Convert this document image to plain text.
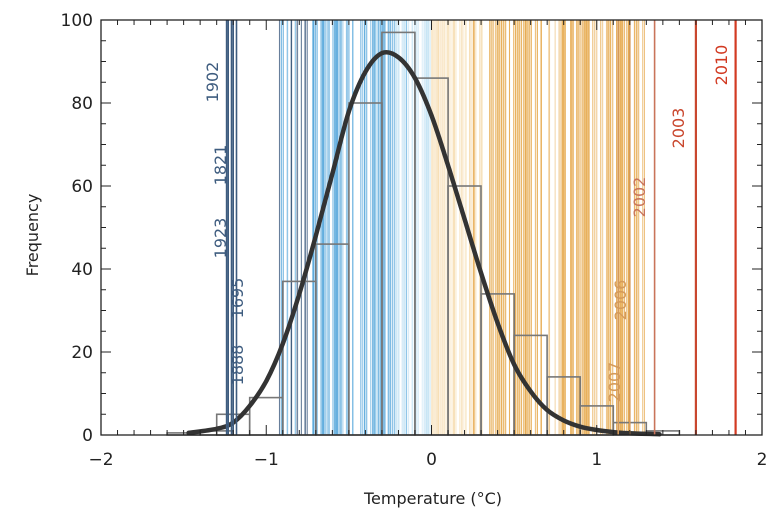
1902
1821
1923
1695
1888	2007
2006
2002
2003
2010
−2	−1	0	1	2
0
20
40
60
80
100
Temperature (°C)
Frequency
